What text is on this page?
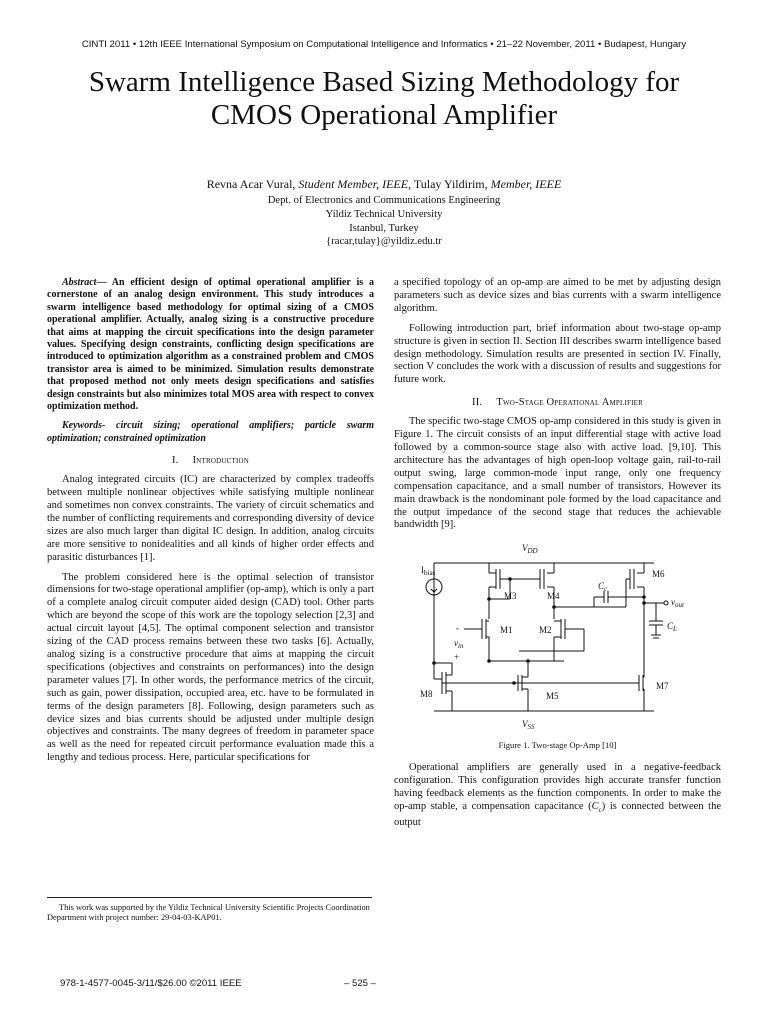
CINTI 2011 • 12th IEEE International Symposium on Computational Intelligence and Informatics • 21–22 November, 2011 • Budapest, Hungary
Swarm Intelligence Based Sizing Methodology for
CMOS Operational Amplifier
Revna Acar Vural, Student Member, IEEE, Tulay Yildirim, Member, IEEE
Dept. of Electronics and Communications Engineering
Yildiz Technical University
Istanbul, Turkey
{racar,tulay}@yildiz.edu.tr

Abstract— An efficient design of optimal operational amplifier is a cornerstone of an analog design environment. This study introduces a swarm intelligence based methodology for optimal sizing of a CMOS operational amplifier. Actually, analog sizing is a constructive procedure that aims at mapping the circuit specifications into the design parameter values. Specifying design constraints, conflicting design specifications are introduced to optimization algorithm as a constrained problem and CMOS transistor area is aimed to be minimized. Simulation results demonstrate that proposed method not only meets design specifications and satisfies design constraints but also minimizes total MOS area with respect to convex optimization method.

Keywords- circuit sizing; operational amplifiers; particle swarm optimization; constrained optimization

I. Introduction

Analog integrated circuits (IC) are characterized by complex tradeoffs between multiple nonlinear objectives while satisfying multiple nonlinear and sometimes non convex constraints. The variety of circuit schematics and the number of conflicting requirements and corresponding diversity of device sizes are also much larger than digital IC design. In addition, analog circuits are more sensitive to nonidealities and all kinds of higher order effects and parasitic disturbances [1].

The problem considered here is the optimal selection of transistor dimensions for two-stage operational amplifier (op-amp), which is only a part of a complete analog circuit computer aided design (CAD) tool. Other parts which are beyond the scope of this work are the topology selection [2,3] and actual circuit layout [4,5]. The optimal component selection and transistor sizing of the CAD process remains between these two tasks [6]. Actually, analog sizing is a constructive procedure that aims at mapping the circuit specifications (objectives and constraints on performances) into the design parameter values [7]. In other words, the performance metrics of the circuit, such as gain, power dissipation, occupied area, etc. have to be formulated in terms of the design parameters [8]. Following, design parameters such as device sizes and bias currents should be adjusted under multiple design objectives and constraints. The many degrees of freedom in parameter space as well as the need for repeated circuit performance evaluation made this a lengthy and tedious process. Here, particular specifications for

a specified topology of an op-amp are aimed to be met by adjusting design parameters such as device sizes and bias currents with a swarm intelligence algorithm.

Following introduction part, brief information about two-stage op-amp structure is given in section II. Section III describes swarm intelligence based design methodology. Simulation results are presented in section IV. Finally, section V concludes the work with a discussion of results and suggestions for future work.

II. Two-Stage Operational Amplifier

The specific two-stage CMOS op-amp considered in this study is given in Figure 1. The circuit consists of an input differential stage with active load followed by a common-source stage also with active load. [9,10]. This architecture has the advantages of high open-loop voltage gain, rail-to-rail output swing, large common-mode input range, only one frequency compensation capacitance, and a small number of transistors. However its main drawback is the nondominant pole formed by the load capacitance and the output impedance of the second stage that reduces the achievable bandwidth [9].

$V_{DD}$
$I_{bias}$
M3	M4
M6
M1	M2
$C_c$
$v_{out}$
$C_L$
-
$v_{in}$
+
M8	M5
M7
$V_{SS}$
Figure 1. Two-stage Op-Amp [10]

Operational amplifiers are generally used in a negative-feedback configuration. This configuration provides high accurate transfer function having feedback elements as the function components. In order to make the op-amp stable, a compensation capacitance $(C_c)$ is connected between the output

This work was supported by the Yildiz Technical University Scientific Projects Coordination Department with project number: 29-04-03-KAP01.
978-1-4577-0045-3/11/$26.00 ©2011 IEEE	– 525 –
